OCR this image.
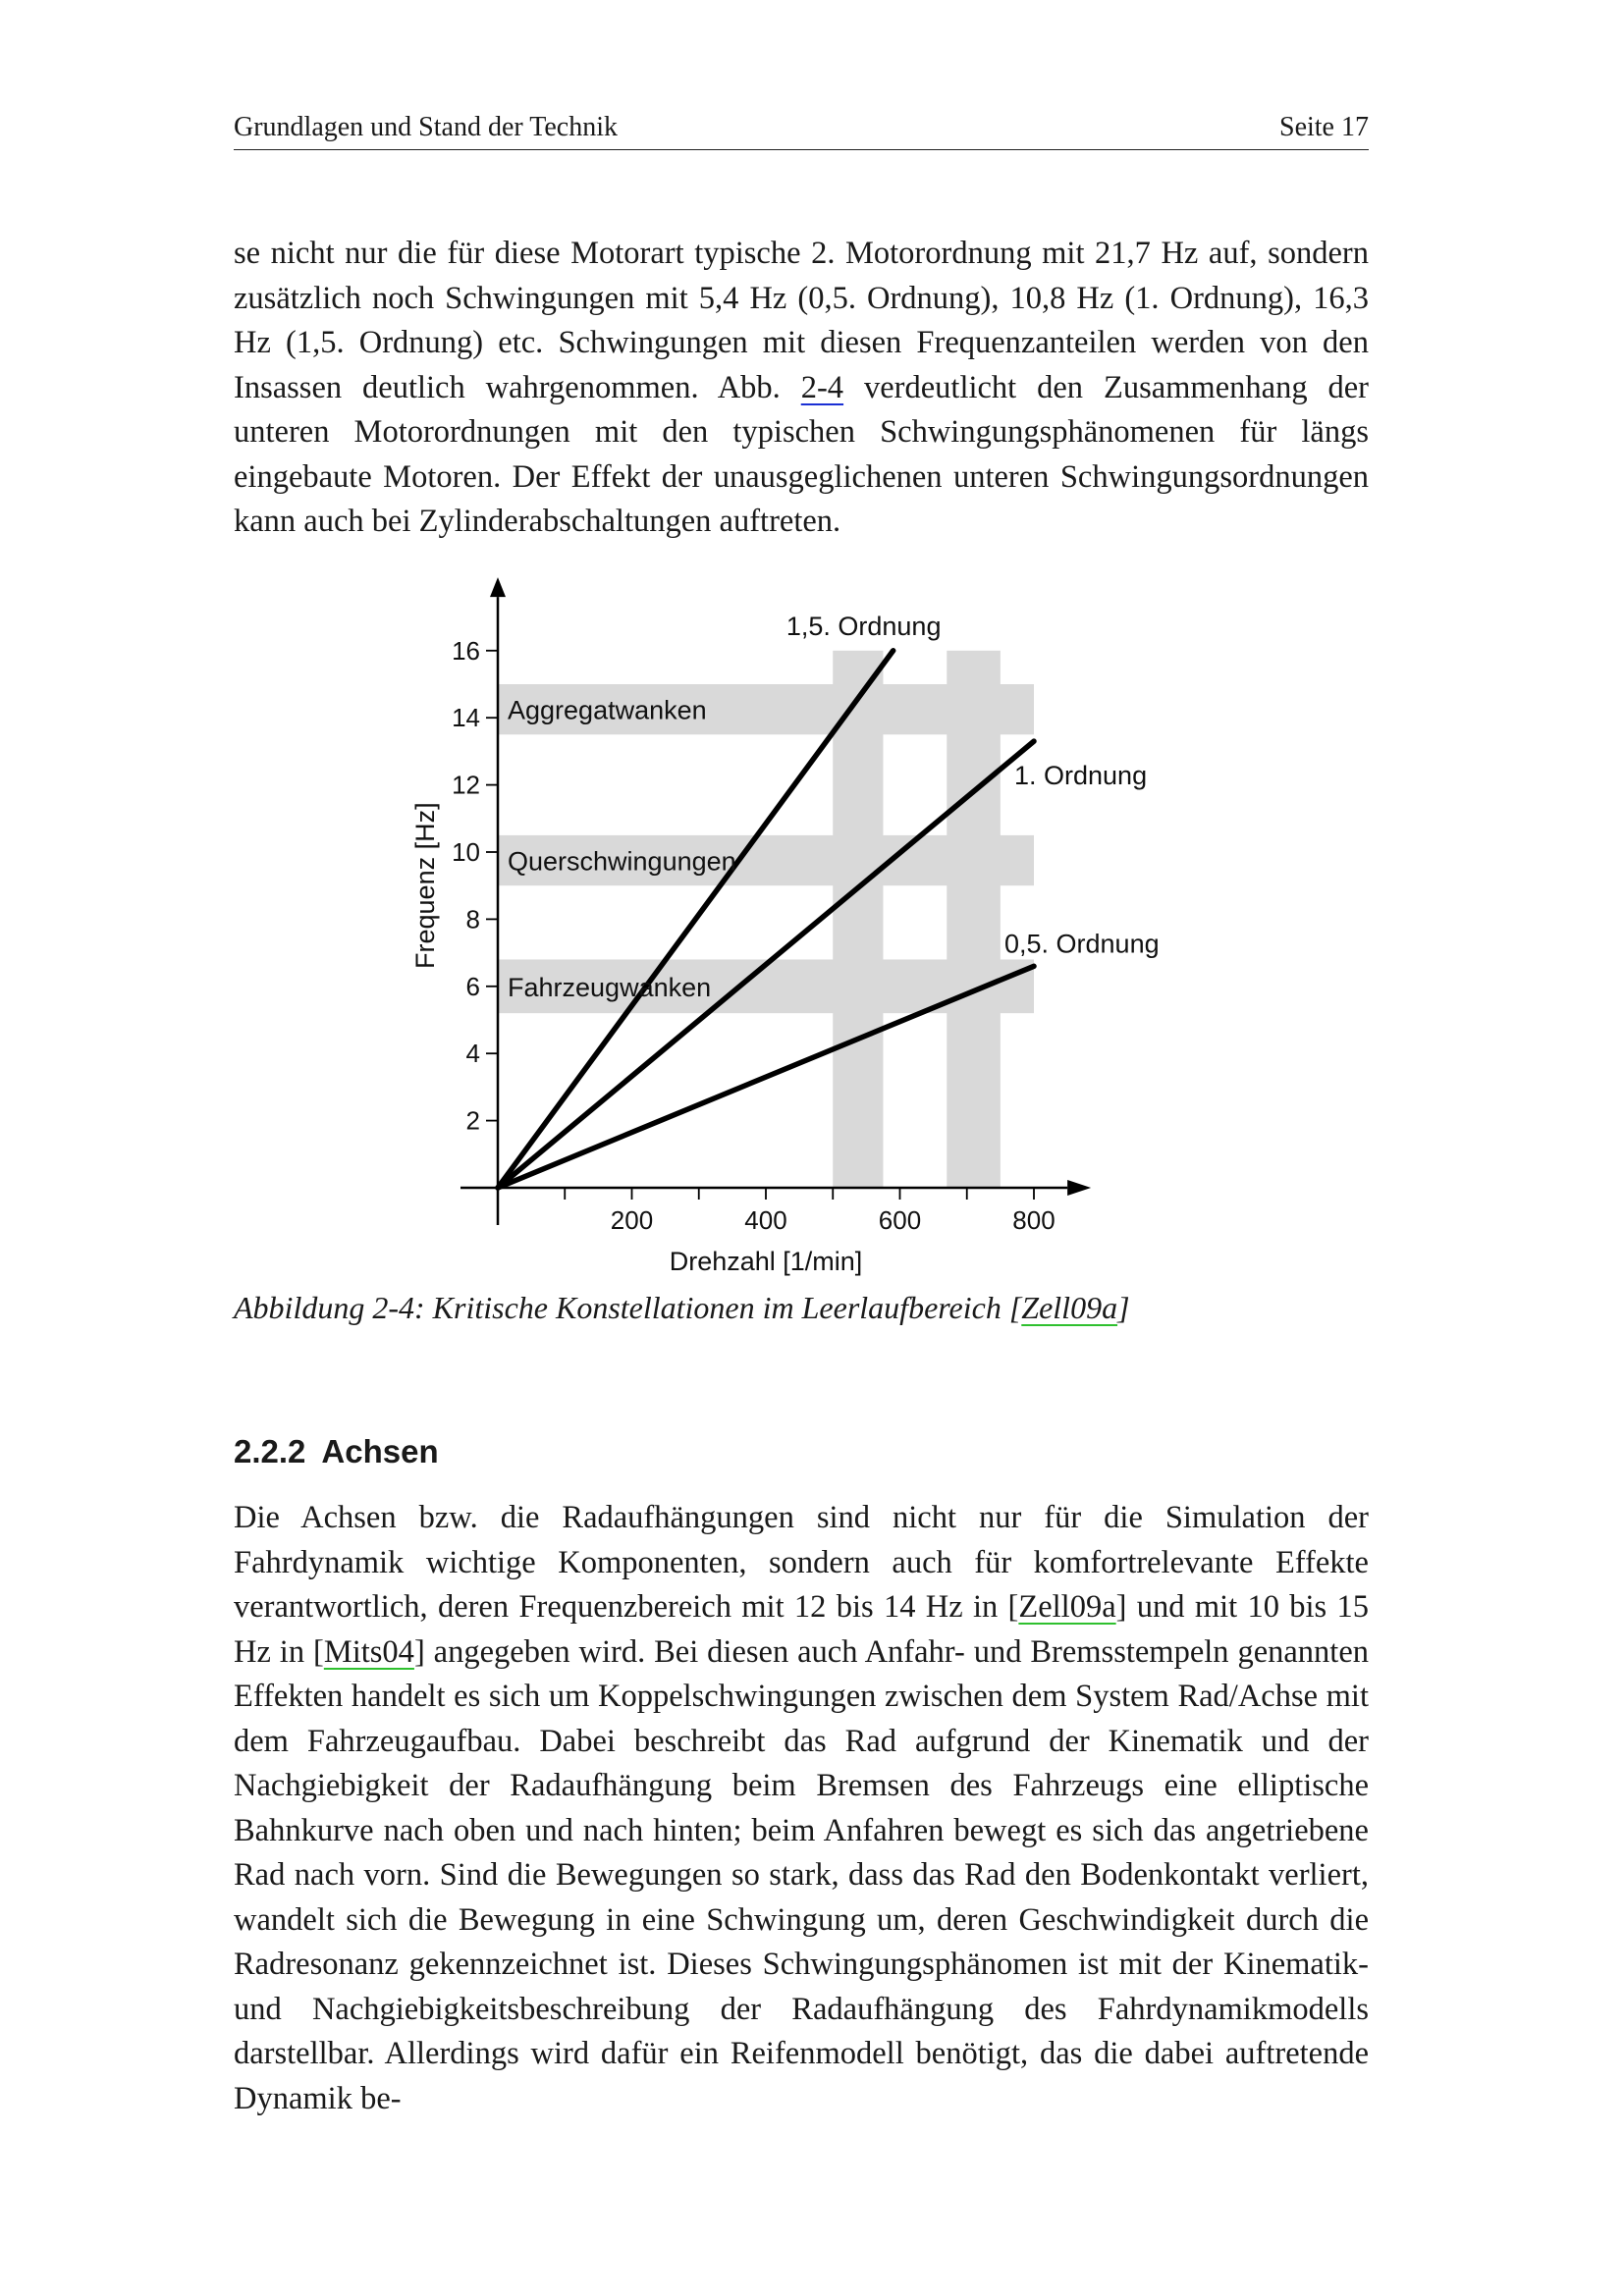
Grundlagen und Stand der Technik	Seite 17

se nicht nur die für diese Motorart typische 2. Motorordnung mit 21,7 Hz auf, sondern zusätzlich noch Schwingungen mit 5,4 Hz (0,5. Ordnung), 10,8 Hz (1. Ordnung), 16,3 Hz (1,5. Ordnung) etc. Schwingungen mit diesen Frequenzanteilen werden von den Insassen deutlich wahrgenommen. Abb. 2-4 verdeutlicht den Zusammenhang der unteren Motorordnungen mit den typischen Schwingungsphänomenen für längs eingebaute Motoren. Der Effekt der unausgeglichenen unteren Schwingungsordnungen kann auch bei Zylinderabschaltungen auftreten.

2
4
6
8
10
12
14
16
200	400	600	800
1,5. Ordnung
1. Ordnung
0,5. Ordnung
Aggregatwanken
Querschwingungen
Fahrzeugwanken
Drehzahl [1/min]
Frequenz [Hz]
Abbildung 2-4: Kritische Konstellationen im Leerlaufbereich [Zell09a]
2.2.2 Achsen

Die Achsen bzw. die Radaufhängungen sind nicht nur für die Simulation der Fahrdynamik wichtige Komponenten, sondern auch für komfortrelevante Effekte verantwortlich, deren Frequenzbereich mit 12 bis 14 Hz in [Zell09a] und mit 10 bis 15 Hz in [Mits04] angegeben wird. Bei diesen auch Anfahr- und Bremsstempeln genannten Effekten handelt es sich um Koppelschwingungen zwischen dem System Rad/Achse mit dem Fahrzeugaufbau. Dabei beschreibt das Rad aufgrund der Kinematik und der Nachgiebigkeit der Radaufhängung beim Bremsen des Fahrzeugs eine elliptische Bahnkurve nach oben und nach hinten; beim Anfahren bewegt es sich das angetriebene Rad nach vorn. Sind die Bewegungen so stark, dass das Rad den Bodenkontakt verliert, wandelt sich die Bewegung in eine Schwingung um, deren Geschwindigkeit durch die Radresonanz gekennzeichnet ist. Dieses Schwingungsphänomen ist mit der Kinematik- und Nachgiebigkeitsbeschreibung der Radaufhängung des Fahrdynamikmodells darstellbar. Allerdings wird dafür ein Reifenmodell benötigt, das die dabei auftretende Dynamik be-
